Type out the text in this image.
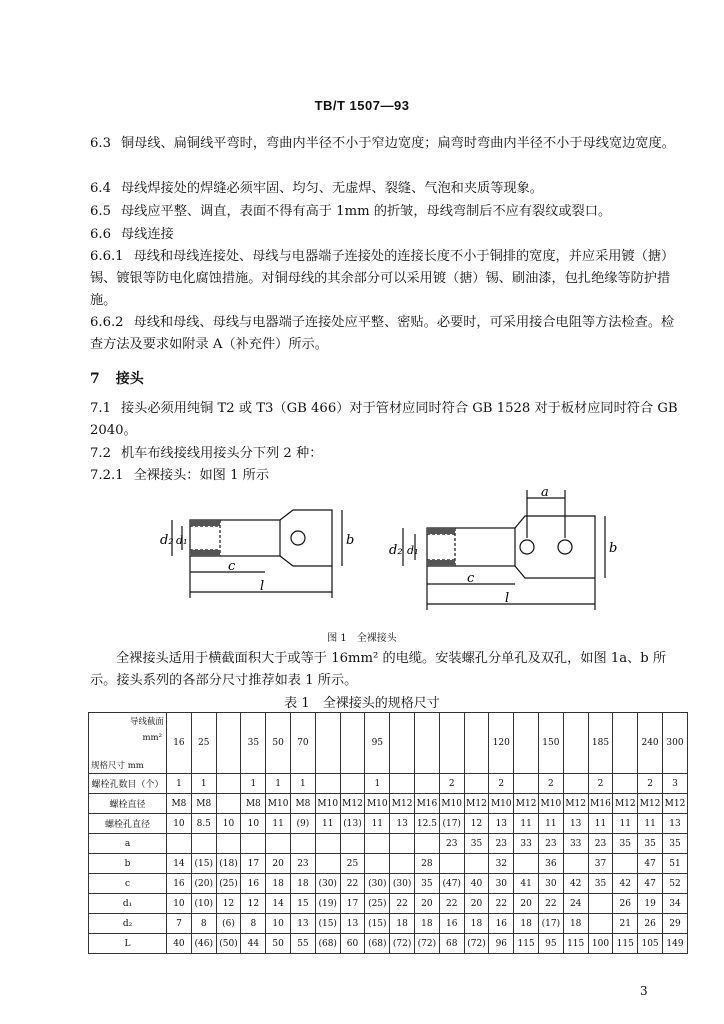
TB/T 1507—93
6.3 铜母线、扁铜线平弯时，弯曲内半径不小于窄边宽度；扁弯时弯曲内半径不小于母线宽边宽度。
6.4 母线焊接处的焊缝必须牢固、均匀、无虚焊、裂缝、气泡和夹质等现象。
6.5 母线应平整、调直，表面不得有高于 1mm 的折皱，母线弯制后不应有裂纹或裂口。
6.6 母线连接
6.6.1 母线和母线连接处、母线与电器端子连接处的连接长度不小于铜排的宽度，并应采用镀（搪）锡、镀银等防电化腐蚀措施。对铜母线的其余部分可以采用镀（搪）锡、刷油漆，包扎绝缘等防护措施。
6.6.2 母线和母线、母线与电器端子连接处应平整、密贴。必要时，可采用接合电阻等方法检查。检查方法及要求如附录 A（补充件）所示。
7 接头
7.1 接头必须用纯铜 T2 或 T3（GB 466）对于管材应同时符合 GB 1528 对于板材应同时符合 GB 2040。
7.2 机车布线接线用接头分下列 2 种：
7.2.1 全裸接头：如图 1 所示
d₂ d₁	b
c
l
a
d₂ d₁	b
c
l
图 1　全裸接头
全裸接头适用于横截面积大于或等于 16mm² 的电缆。安装螺孔分单孔及双孔，如图 1a、b 所示。接头系列的各部分尺寸推荐如表 1 所示。
表 1　全裸接头的规格尺寸
导线截面
mm²
规格尺寸 mm	16	25		35	50	70			95					120		150		185		240	300
螺栓孔数目（个）	1	1		1	1	1			1			2		2		2		2		2	3
螺栓直径	M8	M8		M8	M10	M8	M10	M12	M10	M12	M16	M10	M12	M10	M12	M10	M12	M16	M12	M12	M12
螺栓孔直径	10	8.5	10	10	11	(9)	11	(13)	11	13	12.5	(17)	12	13	11	11	13	11	11	11	13
a												23	35	23	33	23	33	23	35	35	35
b	14	(15)	(18)	17	20	23		25			28			32		36		37		47	51
c	16	(20)	(25)	16	18	18	(30)	22	(30)	(30)	35	(47)	40	30	41	30	42	35	42	47	52
d₁	10	(10)	12	12	14	15	(19)	17	(25)	22	20	22	20	22	20	22	24		26	19	34
d₂	7	8	(6)	8	10	13	(15)	13	(15)	18	18	16	18	16	18	(17)	18		21	26	29
L	40	(46)	(50)	44	50	55	(68)	60	(68)	(72)	(72)	68	(72)	96	115	95	115	100	115	105	149
3
